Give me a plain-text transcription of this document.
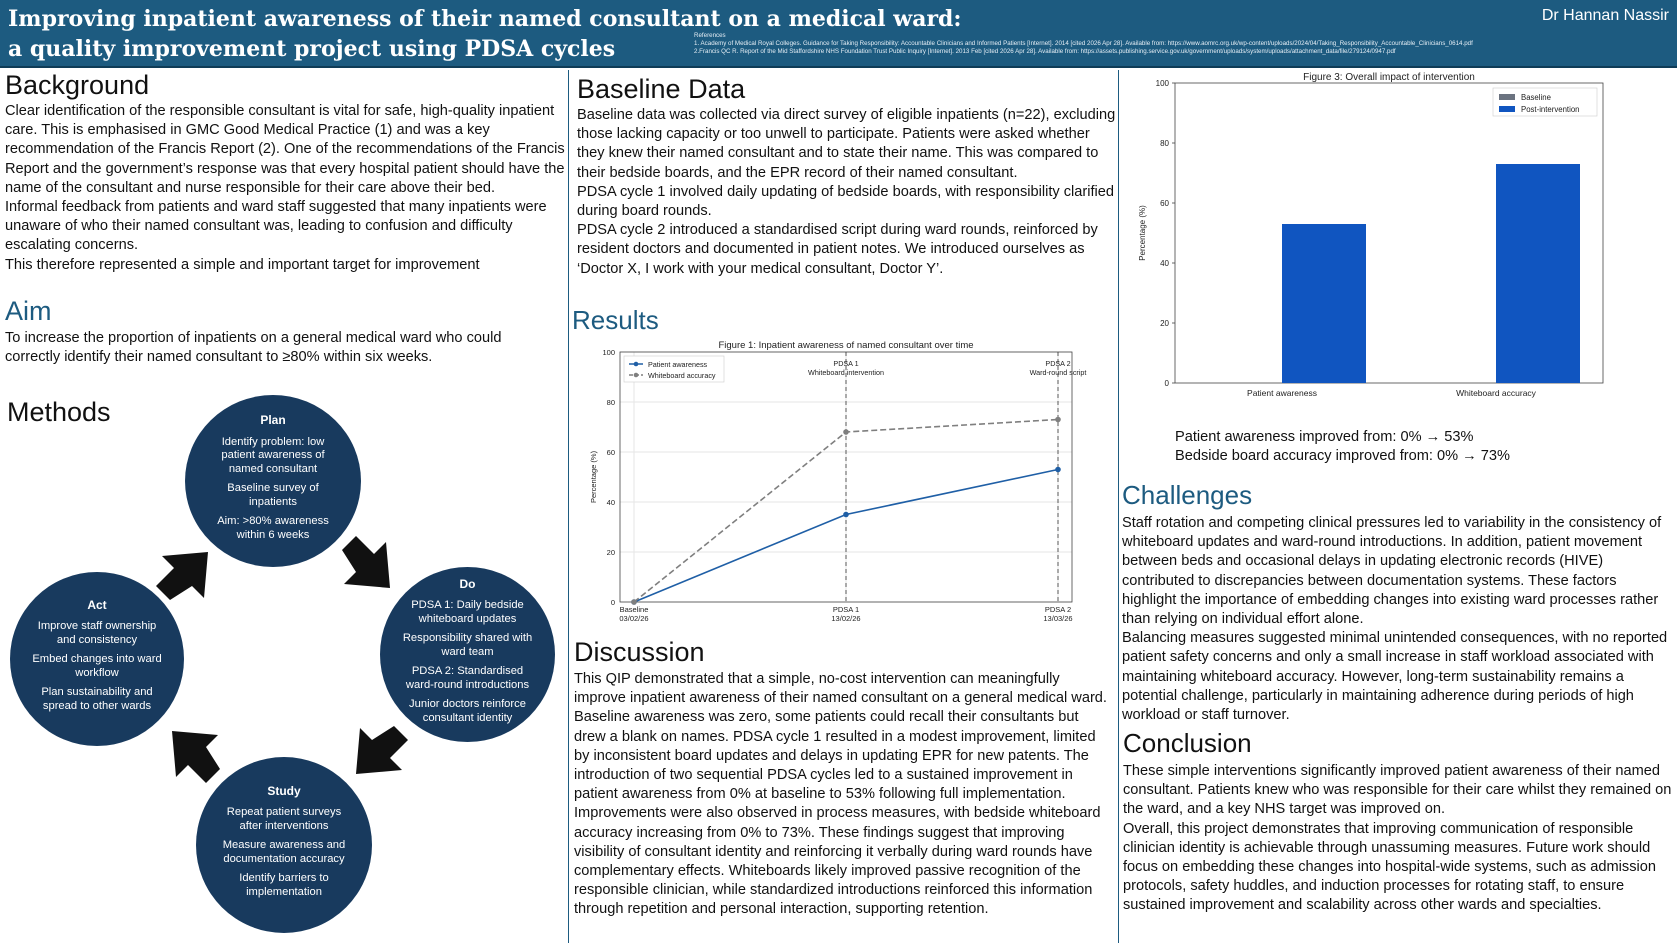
Improving inpatient awareness of their named consultant on a medical ward:
a quality improvement project using PDSA cycles
Dr Hannan Nassir
References
1. Academy of Medical Royal Colleges. Guidance for Taking Responsibility: Accountable Clinicians and Informed Patients [Internet]. 2014 [cited 2026 Apr 28]. Available from: https://www.aomrc.org.uk/wp-content/uploads/2024/04/Taking_Responsibility_Accountable_Clinicians_0614.pdf
2.Francis QC R. Report of the Mid Staffordshire NHS Foundation Trust Public Inquiry [Internet]. 2013 Feb [cited 2026 Apr 28]. Available from: https://assets.publishing.service.gov.uk/government/uploads/system/uploads/attachment_data/file/279124/0947.pdf
Background

Clear identification of the responsible consultant is vital for safe, high-quality inpatient care. This is emphasised in GMC Good Medical Practice (1) and was a key recommendation of the Francis Report (2). One of the recommendations of the Francis Report and the government’s response was that every hospital patient should have the name of the consultant and nurse responsible for their care above their bed.

Informal feedback from patients and ward staff suggested that many inpatients were unaware of who their named consultant was, leading to confusion and difficulty escalating concerns.

This therefore represented a simple and important target for improvement

Aim
To increase the proportion of inpatients on a general medical ward who could correctly identify their named consultant to ≥80% within six weeks.
Methods	Plan
Identify problem: low patient awareness of named consultant
Baseline survey of inpatients
Aim: >80% awareness within 6 weeks
Do
PDSA 1: Daily bedside whiteboard updates
Responsibility shared with ward team
PDSA 2: Standardised ward-round introductions
Junior doctors reinforce consultant identity
Study
Repeat patient surveys after interventions
Measure awareness and documentation accuracy
Identify barriers to implementation
Act
Improve staff ownership and consistency
Embed changes into ward workflow
Plan sustainability and spread to other wards
Baseline Data

Baseline data was collected via direct survey of eligible inpatients (n=22), excluding those lacking capacity or too unwell to participate. Patients were asked whether they knew their named consultant and to state their name. This was compared to their bedside boards, and the EPR record of their named consultant.

PDSA cycle 1 involved daily updating of bedside boards, with responsibility clarified during board rounds.

PDSA cycle 2 introduced a standardised script during ward rounds, reinforced by resident doctors and documented in patient notes. We introduced ourselves as ‘Doctor X, I work with your medical consultant, Doctor Y’.

Results
Figure 1: Inpatient awareness of named consultant over time
0
20
40
60
80
100
Baseline
03/02/26
PDSA 1
13/02/26
PDSA 2
13/03/26
Percentage (%)
PDSA 1
Whiteboard intervention
PDSA 2
Ward-round script
Patient awareness
Whiteboard accuracy
Discussion
This QIP demonstrated that a simple, no-cost intervention can meaningfully improve inpatient awareness of their named consultant on a general medical ward. Baseline awareness was zero, some patients could recall their consultants but drew a blank on names. PDSA cycle 1 resulted in a modest improvement, limited by inconsistent board updates and delays in updating EPR for new patents. The introduction of two sequential PDSA cycles led to a sustained improvement in patient awareness from 0% at baseline to 53% following full implementation. Improvements were also observed in process measures, with bedside whiteboard accuracy increasing from 0% to 73%. These findings suggest that improving visibility of consultant identity and reinforcing it verbally during ward rounds have complementary effects. Whiteboards likely improved passive recognition of the responsible clinician, while standardized introductions reinforced this information through repetition and personal interaction, supporting retention.
Figure 3: Overall impact of intervention
0
20
40
60
80
100
Percentage (%)
Patient awareness	Whiteboard accuracy
Baseline
Post-intervention

Patient awareness improved from: 0% → 53%

Bedside board accuracy improved from: 0% → 73%

Challenges

Staff rotation and competing clinical pressures led to variability in the consistency of whiteboard updates and ward-round introductions. In addition, patient movement between beds and occasional delays in updating electronic records (HIVE) contributed to discrepancies between documentation systems. These factors highlight the importance of embedding changes into existing ward processes rather than relying on individual effort alone.

Balancing measures suggested minimal unintended consequences, with no reported patient safety concerns and only a small increase in staff workload associated with maintaining whiteboard accuracy. However, long-term sustainability remains a potential challenge, particularly in maintaining adherence during periods of high workload or staff turnover.

Conclusion

These simple interventions significantly improved patient awareness of their named consultant. Patients knew who was responsible for their care whilst they remained on the ward, and a key NHS target was improved on.

Overall, this project demonstrates that improving communication of responsible clinician identity is achievable through unassuming measures. Future work should focus on embedding these changes into hospital-wide systems, such as admission protocols, safety huddles, and induction processes for rotating staff, to ensure sustained improvement and scalability across other wards and specialties.
